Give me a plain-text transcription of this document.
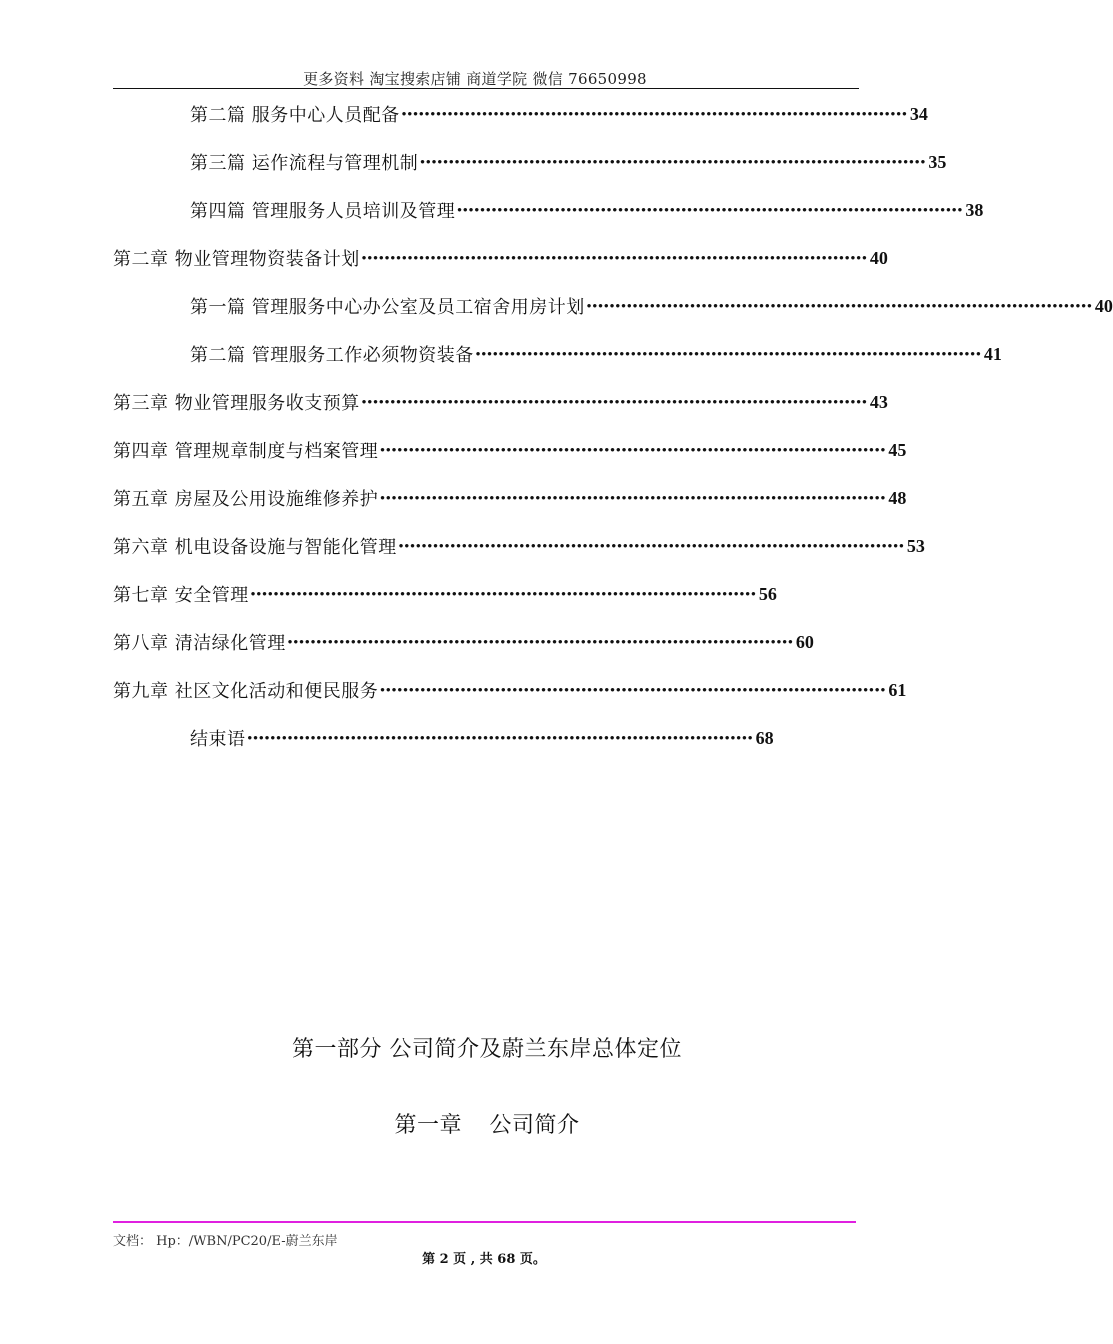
更多资料 淘宝搜索店铺 商道学院 微信 76650998
第二篇 服务中心人员配备 •••••••••••••••••••••••••••••••••••••••••••••••••••••••••••••••••••••••••••••••••••••••• 34
第三篇 运作流程与管理机制 •••••••••••••••••••••••••••••••••••••••••••••••••••••••••••••••••••••••••••••••••••••••• 35
第四篇 管理服务人员培训及管理 •••••••••••••••••••••••••••••••••••••••••••••••••••••••••••••••••••••••••••••••••••••••• 38
第二章 物业管理物资装备计划 •••••••••••••••••••••••••••••••••••••••••••••••••••••••••••••••••••••••••••••••••••••••• 40
第一篇 管理服务中心办公室及员工宿舍用房计划 •••••••••••••••••••••••••••••••••••••••••••••••••••••••••••••••••••••••••••••••••••••••• 40
第二篇 管理服务工作必须物资装备 •••••••••••••••••••••••••••••••••••••••••••••••••••••••••••••••••••••••••••••••••••••••• 41
第三章 物业管理服务收支预算 •••••••••••••••••••••••••••••••••••••••••••••••••••••••••••••••••••••••••••••••••••••••• 43
第四章 管理规章制度与档案管理 •••••••••••••••••••••••••••••••••••••••••••••••••••••••••••••••••••••••••••••••••••••••• 45
第五章 房屋及公用设施维修养护 •••••••••••••••••••••••••••••••••••••••••••••••••••••••••••••••••••••••••••••••••••••••• 48
第六章 机电设备设施与智能化管理 •••••••••••••••••••••••••••••••••••••••••••••••••••••••••••••••••••••••••••••••••••••••• 53
第七章 安全管理 •••••••••••••••••••••••••••••••••••••••••••••••••••••••••••••••••••••••••••••••••••••••• 56
第八章 清洁绿化管理 •••••••••••••••••••••••••••••••••••••••••••••••••••••••••••••••••••••••••••••••••••••••• 60
第九章 社区文化活动和便民服务 •••••••••••••••••••••••••••••••••••••••••••••••••••••••••••••••••••••••••••••••••••••••• 61
结束语 •••••••••••••••••••••••••••••••••••••••••••••••••••••••••••••••••••••••••••••••••••••••• 68
第一部分 公司简介及蔚兰东岸总体定位
第一章 公司简介
文档： Hp：/WBN/PC20/E-蔚兰东岸
第 2 页 , 共 68 页。
